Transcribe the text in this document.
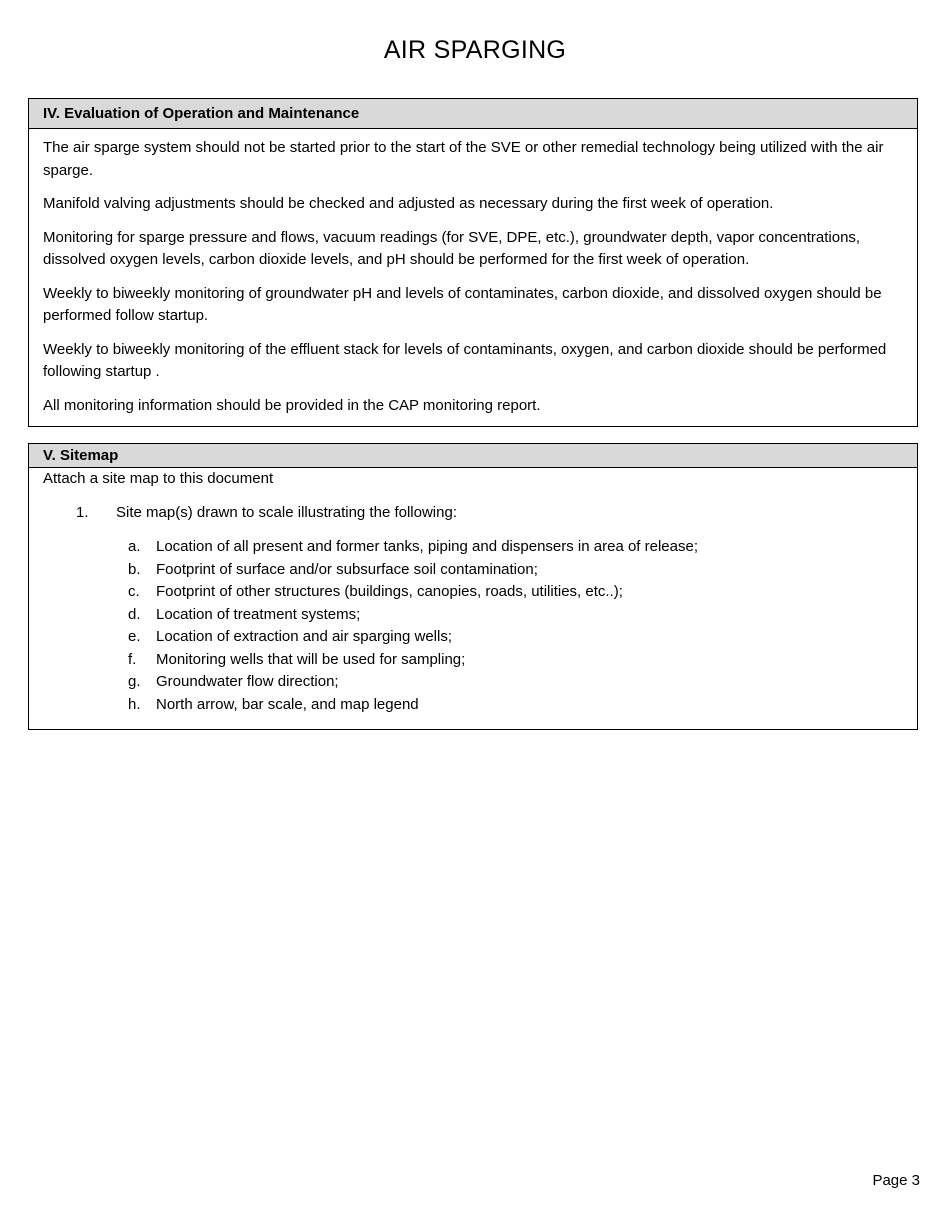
AIR SPARGING
IV. Evaluation of Operation and Maintenance

The air sparge system should not be started prior to the start of the SVE or other remedial technology being utilized with the air sparge.

Manifold valving adjustments should be checked and adjusted as necessary during the first week of operation.

Monitoring for sparge pressure and flows, vacuum readings (for SVE, DPE, etc.), groundwater depth, vapor concentrations, dissolved oxygen levels, carbon dioxide levels, and pH should be performed for the first week of operation.

Weekly to biweekly monitoring of groundwater pH and levels of contaminates, carbon dioxide, and dissolved oxygen should be performed follow startup.

Weekly to biweekly monitoring of the effluent stack for levels of contaminants, oxygen, and carbon dioxide should be performed following startup .

All monitoring information should be provided in the CAP monitoring report.

V. Sitemap

Attach a site map to this document

1.	Site map(s) drawn to scale illustrating the following:
a.	Location of all present and former tanks, piping and dispensers in area of release;
b.	Footprint of surface and/or subsurface soil contamination;
c.	Footprint of other structures (buildings, canopies, roads, utilities, etc..);
d.	Location of treatment systems;
e.	Location of extraction and air sparging wells;
f.	Monitoring wells that will be used for sampling;
g.	Groundwater flow direction;
h.	North arrow, bar scale, and map legend
Page 3
